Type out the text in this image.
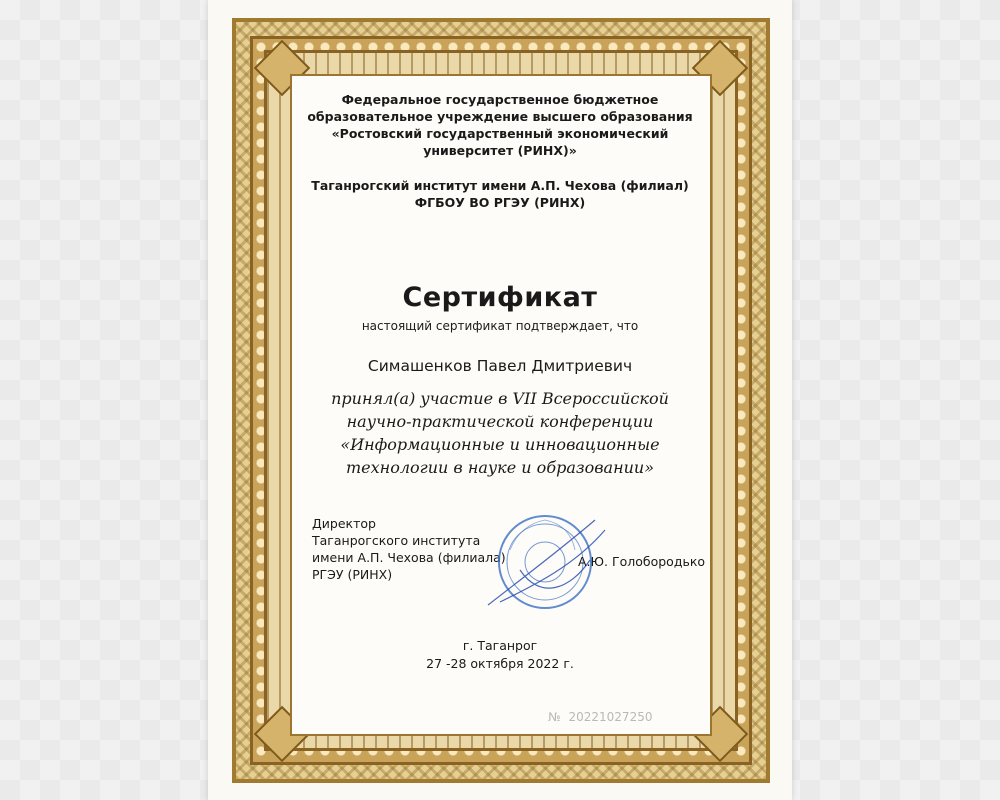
Федеральное государственное бюджетное
образовательное учреждение высшего образования
«Ростовский государственный экономический
университет (РИНХ)»
Таганрогский институт имени А.П. Чехова (филиал)
ФГБОУ ВО РГЭУ (РИНХ)
Сертификат
настоящий сертификат подтверждает, что
Симашенков Павел Дмитриевич
принял(а) участие в VII Всероссийской
научно-практической конференции
«Информационные и инновационные
технологии в науке и образовании»
Директор
Таганрогского института
имени А.П. Чехова (филиала)
РГЭУ (РИНХ)
А.Ю. Голобородько
г. Таганрог
27 -28 октября 2022 г.
№ 20221027250
